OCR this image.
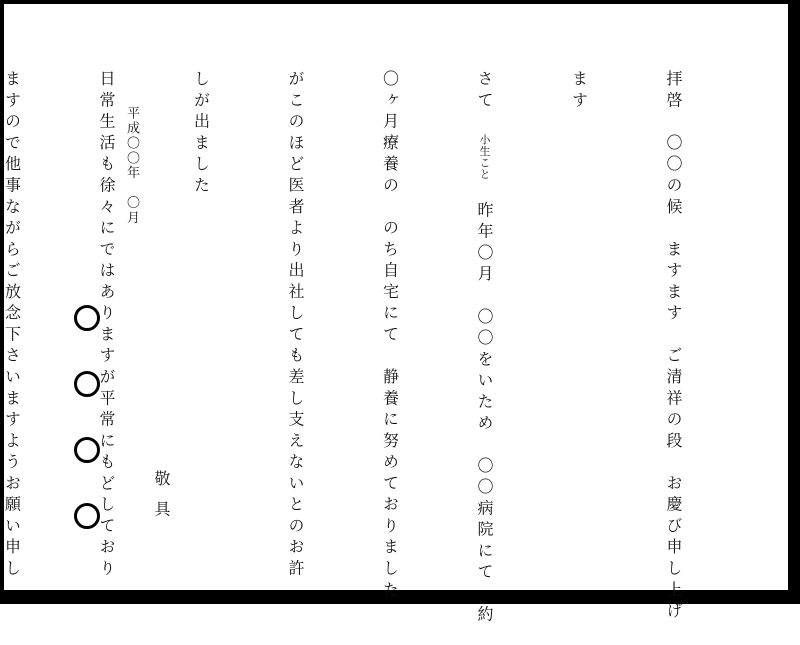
拝啓　〇〇の候　ますます　ご清祥の段　お慶び申し上げ

ます

さて　小生こと　昨年〇月　〇〇をいため　〇〇病院にて　約

〇ヶ月療養の　のち自宅にて　静養に努めておりました

がこのほど医者より出社しても差し支えないとのお許

しが出ました

日常生活も徐々にではありますが平常にもどしており

ますので他事ながらご放念下さいますようお願い申し

	敬具
平成〇〇年　〇月
